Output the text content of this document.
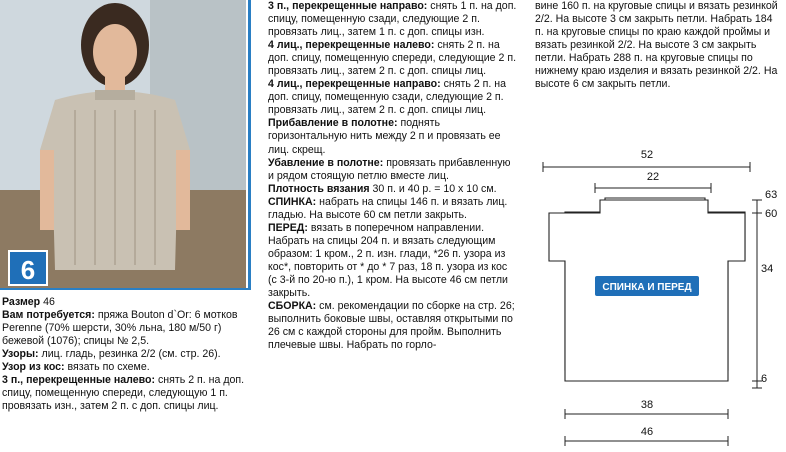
6

Размер 46

Вам потребуется: пряжа Bouton d`Or: 6 мотков Perenne (70% шерсти, 30% льна, 180 м/50 г) бежевой (1076); спицы № 2,5.

Узоры: лиц. гладь, резинка 2/2 (см. стр. 26).

Узор из кос: вязать по схеме.

3 п., перекрещенные налево: снять 2 п. на доп. спицу, помещенную спереди, следующую 1 п. провязать изн., затем 2 п. с доп. спицы лиц.

3 п., перекрещенные направо: снять 1 п. на доп. спицу, помещенную сзади, следующие 2 п. провязать лиц., затем 1 п. с доп. спицы изн.

4 лиц., перекрещенные налево: снять 2 п. на доп. спицу, помещенную спереди, следующие 2 п. провязать лиц., затем 2 п. с доп. спицы лиц.

4 лиц., перекрещенные направо: снять 2 п. на доп. спицу, помещенную сзади, следующие 2 п. провязать лиц., затем 2 п. с доп. спицы лиц.

Прибавление в полотне: поднять горизонтальную нить между 2 п и провязать ее лиц. скрещ.

Убавление в полотне: провязать прибавленную и рядом стоящую петлю вместе лиц.

Плотность вязания 30 п. и 40 р. = 10 х 10 см.

СПИНКА: набрать на спицы 146 п. и вязать лиц. гладью. На высоте 60 см петли закрыть.

ПЕРЕД: вязать в поперечном направлении. Набрать на спицы 204 п. и вязать следующим образом: 1 кром., 2 п. изн. глади, *26 п. узора из кос*, повторить от * до * 7 раз, 18 п. узора из кос (с 3-й по 20-ю п.), 1 кром. На высоте 46 см петли закрыть.

СБОРКА: см. рекомендации по сборке на стр. 26; выполнить боковые швы, оставляя открытыми по 26 см с каждой стороны для пройм. Выполнить плечевые швы. Набрать по горло-

вине 160 п. на круговые спицы и вязать резинкой 2/2. На высоте 3 см закрыть петли. Набрать 184 п. на круговые спицы по краю каждой проймы и вязать резинкой 2/2. На высоте 3 см закрыть петли. Набрать 288 п. на круговые спицы по нижнему краю изделия и вязать резинкой 2/2. На высоте 6 см закрыть петли.

СПИНКА И ПЕРЕД
52
22
63
60
34
6
38
46
